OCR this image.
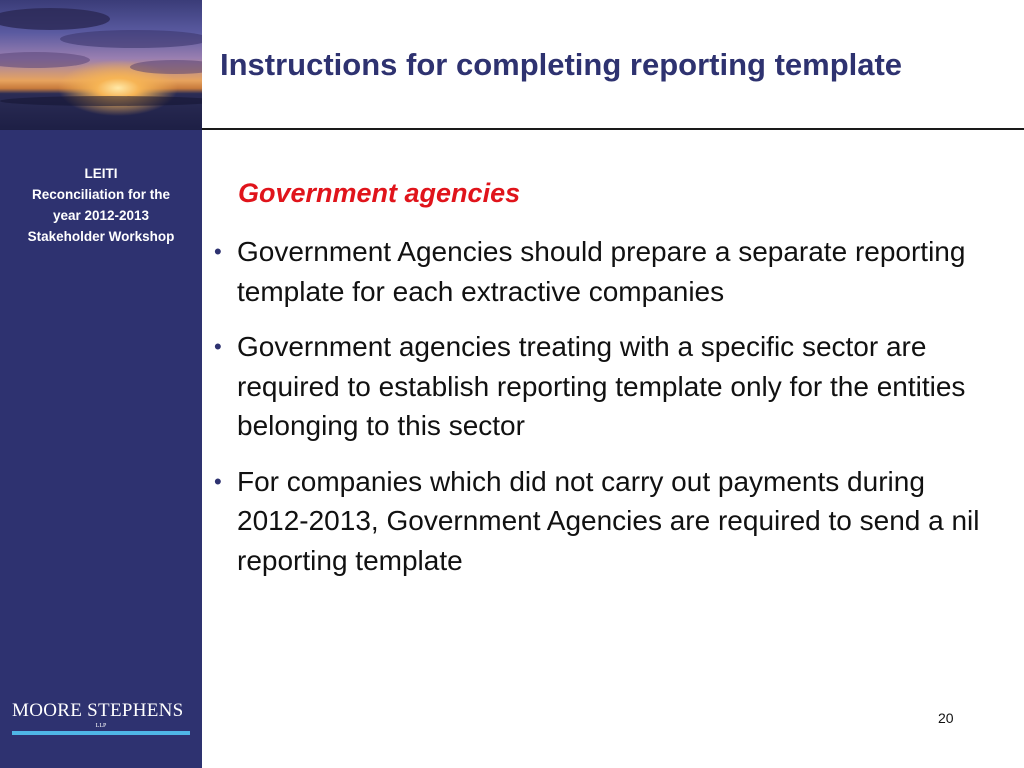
LEITI
Reconciliation for the
year 2012-2013
Stakeholder Workshop
MOORE STEPHENS
LLP
Instructions for completing reporting template
Government agencies
• Government Agencies should prepare a separate reporting template for each extractive companies
• Government agencies treating with a specific sector are required to establish reporting template only for the entities belonging to this sector
• For companies which did not carry out payments during 2012-2013, Government Agencies are required to send a nil reporting template
20
